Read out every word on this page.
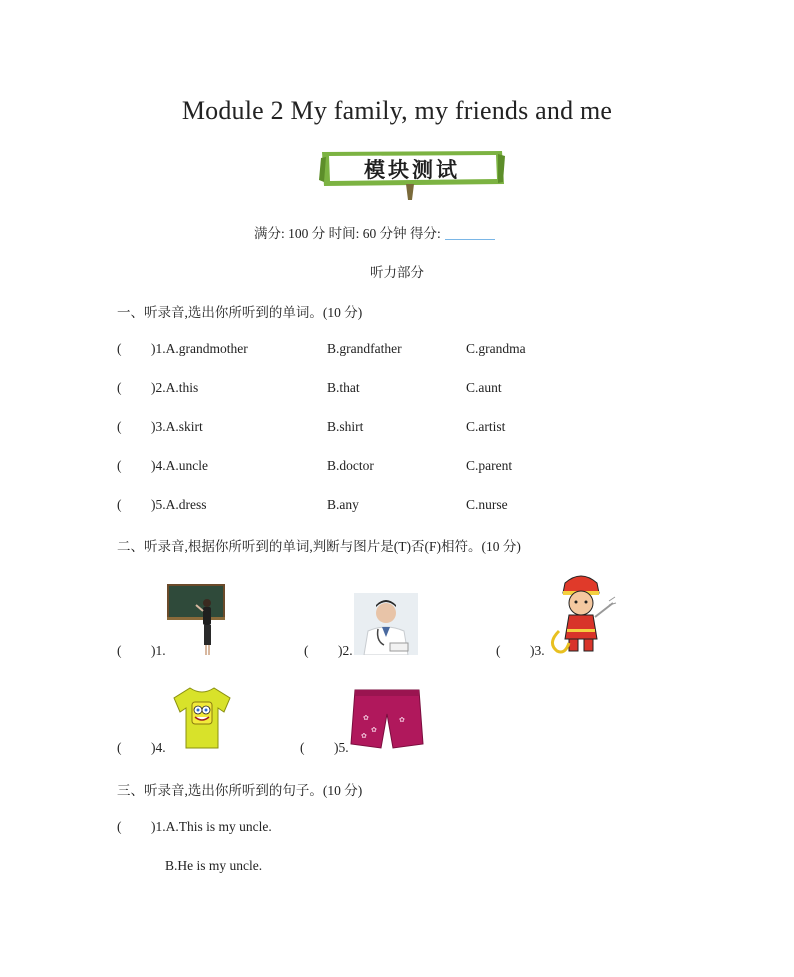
Module 2 My family, my friends and me
模块测试
满分: 100 分 时间: 60 分钟 得分:
听力部分
一、听录音,选出你所听到的单词。(10 分)
( )1.A.grandmother	B.grandfather	C.grandma
( )2.A.this	B.that	C.aunt
( )3.A.skirt	B.shirt	C.artist
( )4.A.uncle	B.doctor	C.parent
( )5.A.dress	B.any	C.nurse
二、听录音,根据你所听到的单词,判断与图片是(T)否(F)相符。(10 分)
( )1.	( )2.	( )3.
( )4.
✿
✿
✿
✿
( )5.
三、听录音,选出你所听到的句子。(10 分)
( )1.A.This is my uncle.
B.He is my uncle.
